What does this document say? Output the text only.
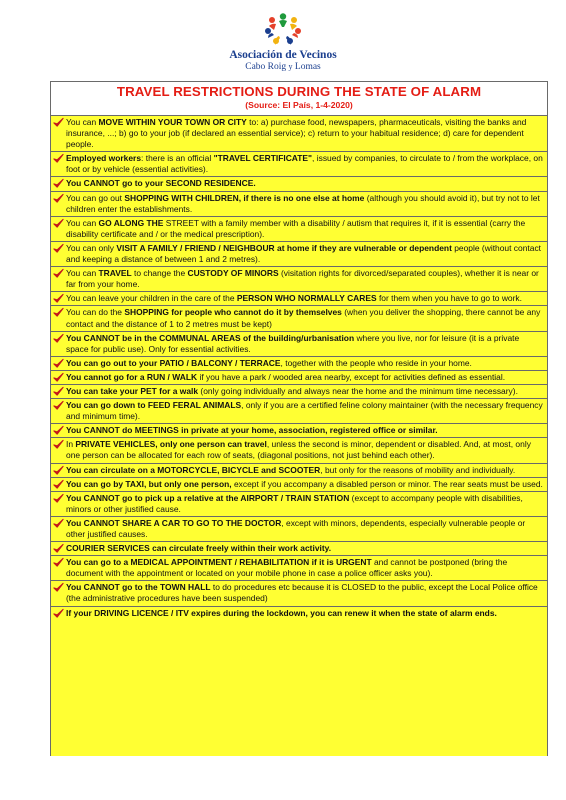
Asociación de Vecinos
Cabo Roig y Lomas
TRAVEL RESTRICTIONS DURING THE STATE OF ALARM
(Source: El País, 1-4-2020)
You can MOVE WITHIN YOUR TOWN OR CITY to: a) purchase food, newspapers, pharmaceuticals, visiting the banks and insurance, ...; b) go to your job (if declared an essential service); c) return to your habitual residence; d) care for dependent people.
Employed workers: there is an official "TRAVEL CERTIFICATE", issued by companies, to circulate to / from the workplace, on foot or by vehicle (essential activities).
You CANNOT go to your SECOND RESIDENCE.
You can go out SHOPPING WITH CHILDREN, if there is no one else at home (although you should avoid it), but try not to let children enter the establishments.
You can GO ALONG THE STREET with a family member with a disability / autism that requires it, if it is essential (carry the disability certificate and / or the medical prescription).
You can only VISIT A FAMILY / FRIEND / NEIGHBOUR at home if they are vulnerable or dependent people (without contact and keeping a distance of between 1 and 2 metres).
You can TRAVEL to change the CUSTODY OF MINORS (visitation rights for divorced/separated couples), whether it is near or far from your home.
You can leave your children in the care of the PERSON WHO NORMALLY CARES for them when you have to go to work.
You can do the SHOPPING for people who cannot do it by themselves (when you deliver the shopping, there cannot be any contact and the distance of 1 to 2 metres must be kept)
You CANNOT be in the COMMUNAL AREAS of the building/urbanisation where you live, nor for leisure (it is a private space for public use). Only for essential activities.
You can go out to your PATIO / BALCONY / TERRACE, together with the people who reside in your home.
You cannot go for a RUN / WALK if you have a park / wooded area nearby, except for activities defined as essential.
You can take your PET for a walk (only going individually and always near the home and the minimum time necessary).
You can go down to FEED FERAL ANIMALS, only if you are a certified feline colony maintainer (with the necessary frequency and minimum time).
You CANNOT do MEETINGS in private at your home, association, registered office or similar.
In PRIVATE VEHICLES, only one person can travel, unless the second is minor, dependent or disabled. And, at most, only one person can be allocated for each row of seats, (diagonal positions, not just behind each other).
You can circulate on a MOTORCYCLE, BICYCLE and SCOOTER, but only for the reasons of mobility and individually.
You can go by TAXI, but only one person, except if you accompany a disabled person or minor. The rear seats must be used.
You CANNOT go to pick up a relative at the AIRPORT / TRAIN STATION (except to accompany people with disabilities, minors or other justified cause.
You CANNOT SHARE A CAR TO GO TO THE DOCTOR, except with minors, dependents, especially vulnerable people or other justified causes.
COURIER SERVICES can circulate freely within their work activity.
You can go to a MEDICAL APPOINTMENT / REHABILITATION if it is URGENT and cannot be postponed (bring the document with the appointment or located on your mobile phone in case a police officer asks you).
You CANNOT go to the TOWN HALL to do procedures etc because it is CLOSED to the public, except the Local Police office (the administrative procedures have been suspended)
If your DRIVING LICENCE / ITV expires during the lockdown, you can renew it when the state of alarm ends.
